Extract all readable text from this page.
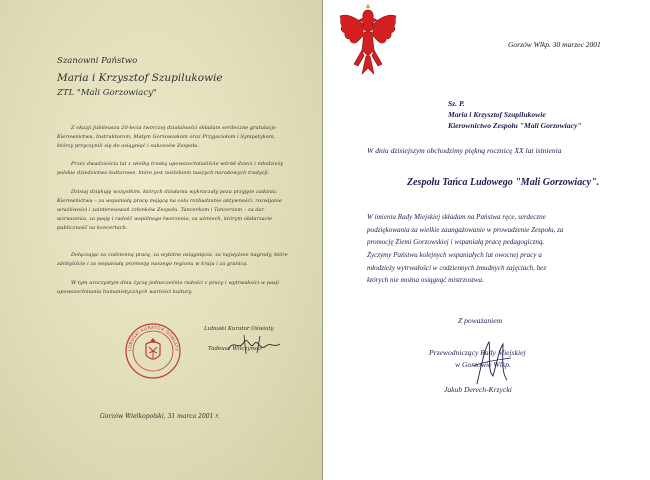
Szanowni Państwo
Maria i Krzysztof Szupilukowie
ZTL "Mali Gorzowiacy"
Z okazji Jubileuszu 20-lecia twórczej działalności składam serdeczne gratulacje Kierownictwu, Instruktorom, Małym Gorzowiakom oraz Przyjaciołom i Sympatykom, którzy przyczynili się do osiągnięć i sukcesów Zespołu.
Przez dwadzieścia lat z wielką troską upowszechnialiście wśród dzieci i młodzieży polskie dziedzictwo kulturowe, które jest nośnikiem naszych narodowych tradycji.
Dzisiaj dziękuję wszystkim, których działania wykraczały poza przyjęte zadania. Kierownictwu – za wspaniałą pracę mającą na celu rozbudzanie aktywności, rozwijanie wrażliwości i zainteresowań członków Zespołu. Tancerkom i Tancerzom – za dar wzruszenia, za pasję i radość wspólnego tworzenia, za uśmiech, którym obdarzacie publiczność na koncertach.
Dołączając za codzienną pracę, za wybitne osiągnięcia, za najwyższe nagrody, które zdobyliście i za wspaniałą promocję naszego regionu w kraju i za granicą.
W tym uroczystym dniu życzę jednocześnie radości z pracy i wytrwałości w pasji upowszechniania humanistycznych wartości kultury.
LUBUSKI KURATOR OŚWIATY
Lubuski Kurator Oświaty
Tadeusz Wilczyński
Gorzów Wielkopolski, 31 marca 2001 r.
Gorzów Wlkp. 30 marzec 2001
Sz. P.
Maria i Krzysztof Szupilukowie
Kierownictwo Zespołu "Mali Gorzowiacy"
W dniu dzisiejszym obchodzimy piękną rocznicę XX lat istnienia
Zespołu Tańca Ludowego "Mali Gorzowiacy".
W imieniu Rady Miejskiej składam na Państwa ręce, serdeczne
podziękowania za wielkie zaangażowanie w prowadzenie Zespołu, za
promocję Ziemi Gorzowskiej i wspaniałą pracę pedagogiczną.
Życzymy Państwu kolejnych wspaniałych lat owocnej pracy a
młodzieży wytrwałości w codziennych żmudnych zajęciach, bez
których nie można osiągnąć mistrzostwa.
Z poważaniem
Przewodniczący Rady Miejskiej
w Gorzowie Wlkp.
Jakub Derech-Krzycki
